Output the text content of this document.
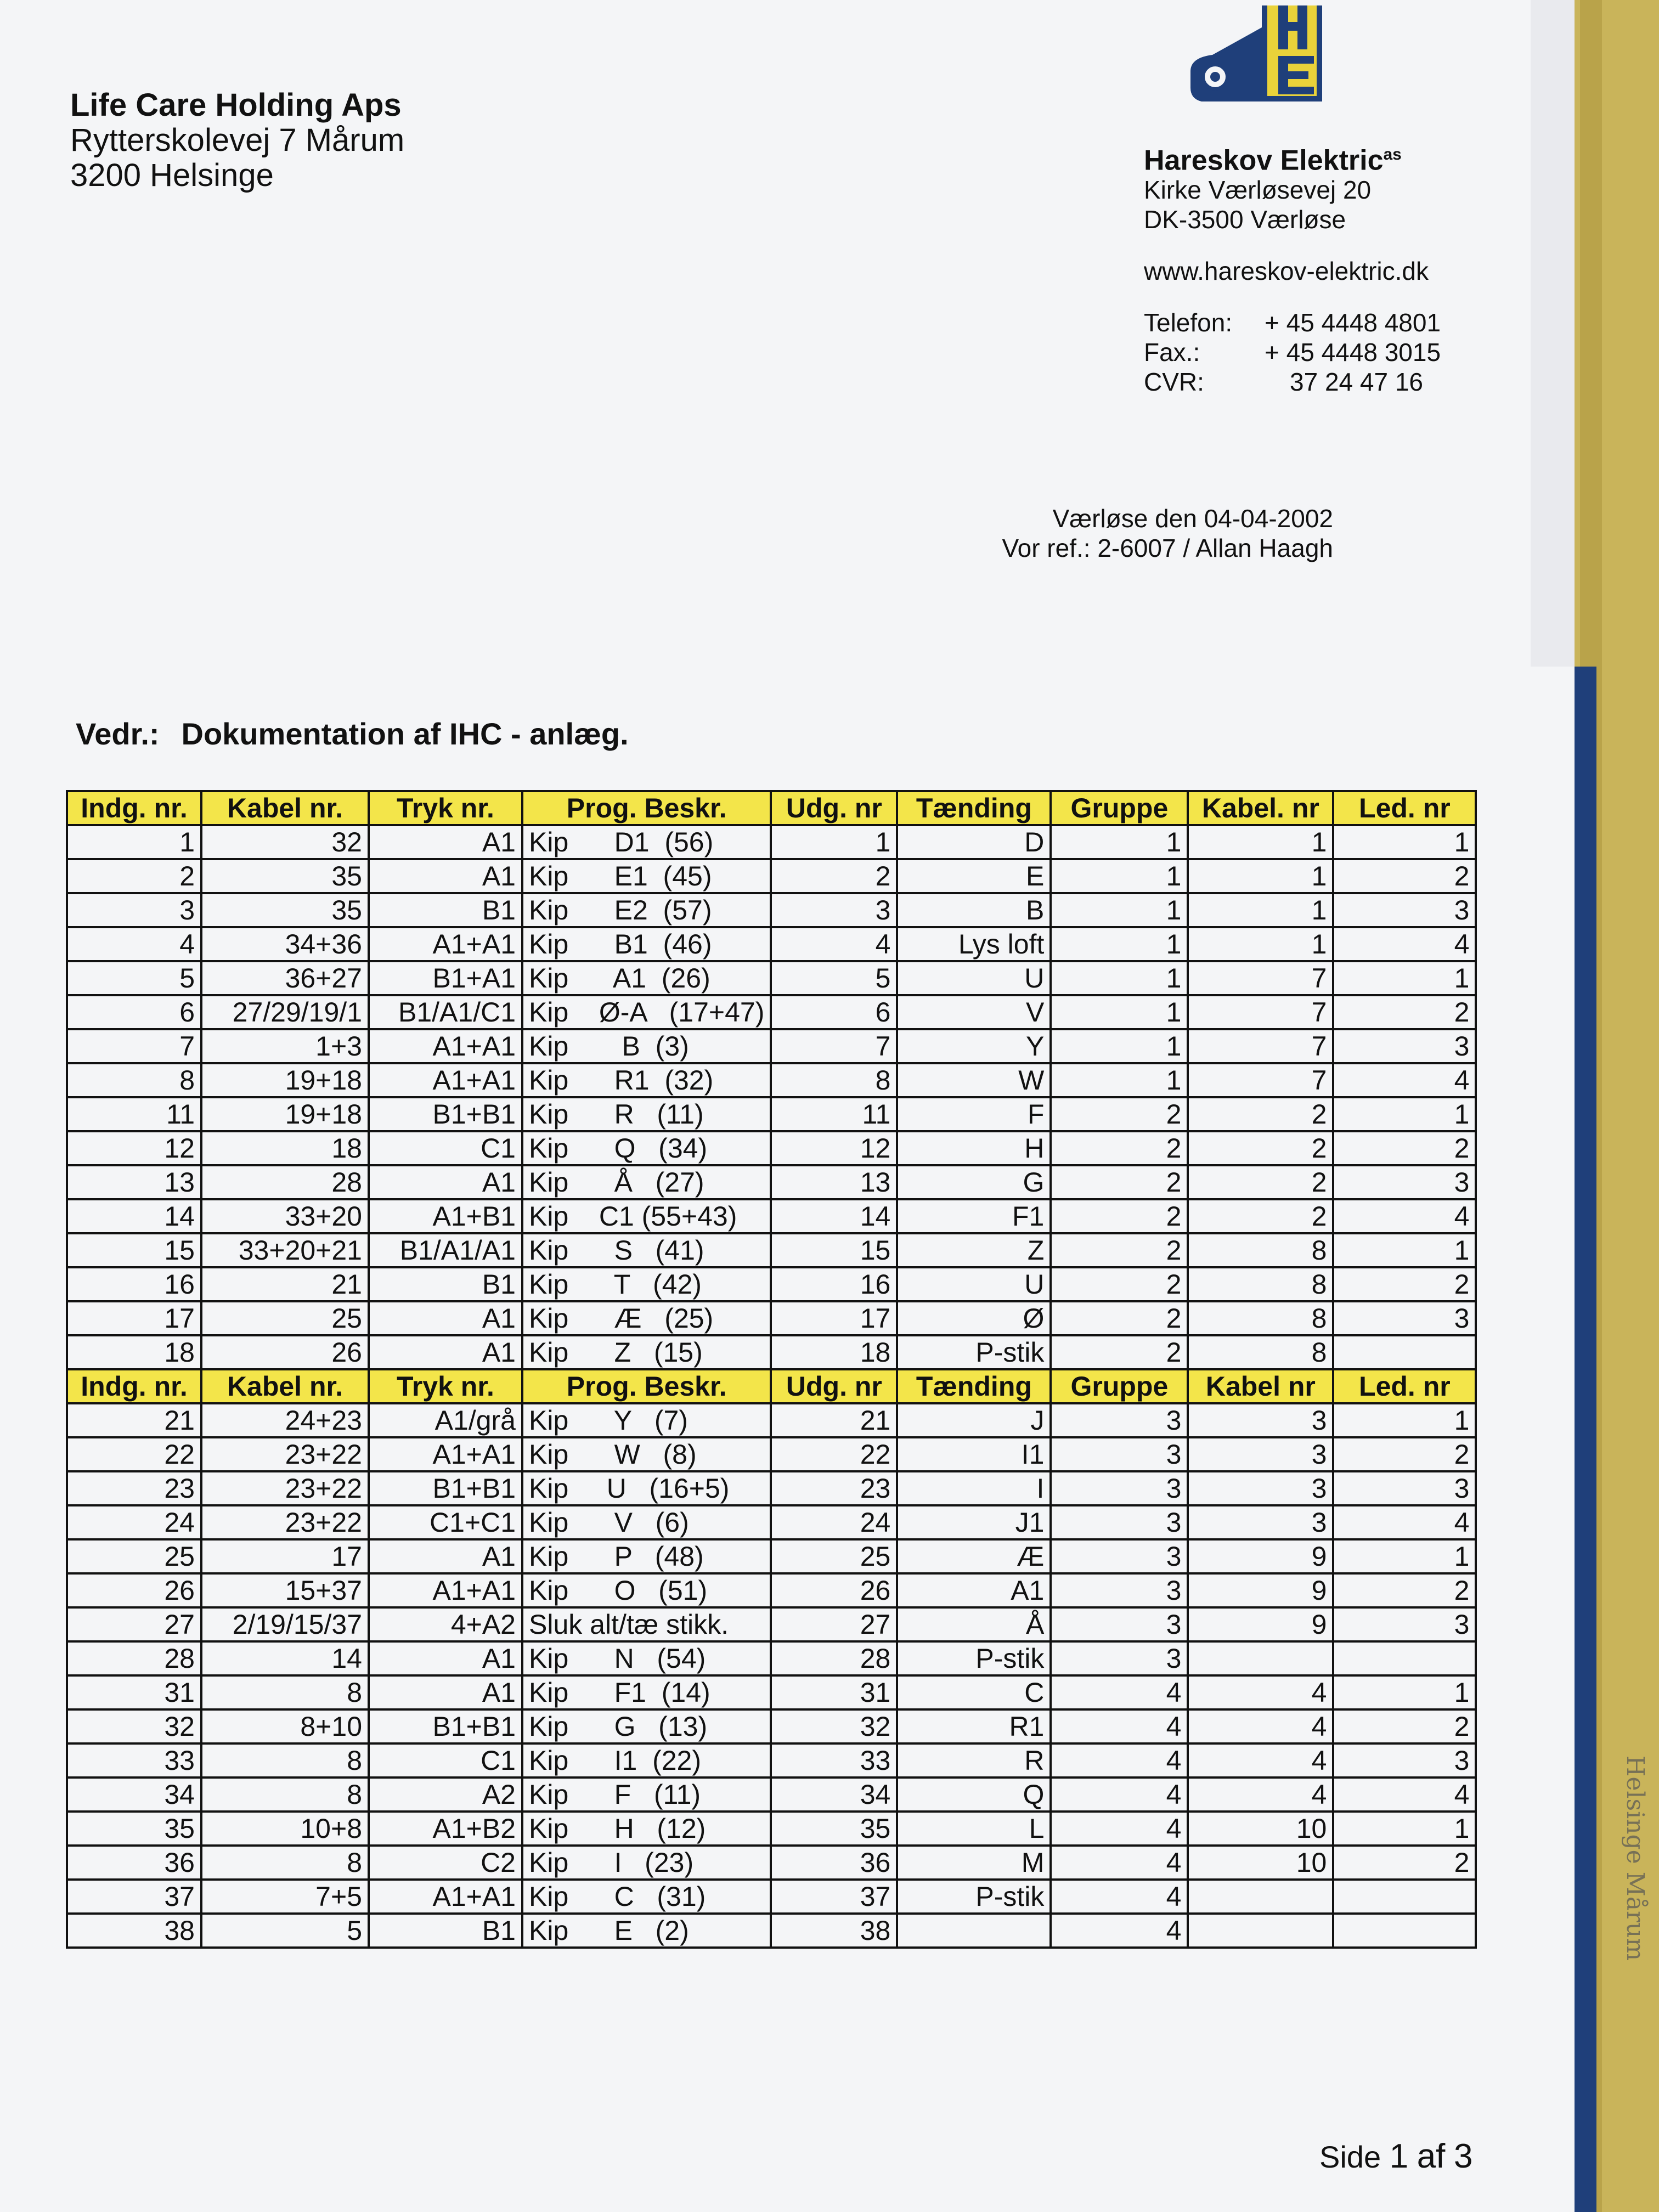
Helsinge Mårum
Life Care Holding Aps
Rytterskolevej 7 Mårum
3200 Helsinge	Hareskov Elektric$^{as}$
Kirke Værløsevej 20
DK-3500 Værløse
www.hareskov-elektric.dk
Telefon:	+ 45 4448 4801
Fax.:	+ 45 4448 3015
CVR:	37 24 47 16
Værløse den 04-04-2002
Vor ref.: 2-6007 / Allan Haagh
Vedr.: Dokumentation af IHC - anlæg.
Indg. nr.	Kabel nr.	Tryk nr.	Prog. Beskr.	Udg. nr	Tænding	Gruppe	Kabel. nr	Led. nr
1	32	A1	Kip      D1  (56)	1	D	1	1	1
2	35	A1	Kip      E1  (45)	2	E	1	1	2
3	35	B1	Kip      E2  (57)	3	B	1	1	3
4	34+36	A1+A1	Kip      B1  (46)	4	Lys loft	1	1	4
5	36+27	B1+A1	Kip      A1  (26)	5	U	1	7	1
6	27/29/19/1	B1/A1/C1	Kip    Ø-A   (17+47)	6	V	1	7	2
7	1+3	A1+A1	Kip       B  (3)	7	Y	1	7	3
8	19+18	A1+A1	Kip      R1  (32)	8	W	1	7	4
11	19+18	B1+B1	Kip      R   (11)	11	F	2	2	1
12	18	C1	Kip      Q   (34)	12	H	2	2	2
13	28	A1	Kip      Å   (27)	13	G	2	2	3
14	33+20	A1+B1	Kip    C1 (55+43)	14	F1	2	2	4
15	33+20+21	B1/A1/A1	Kip      S   (41)	15	Z	2	8	1
16	21	B1	Kip      T   (42)	16	U	2	8	2
17	25	A1	Kip      Æ   (25)	17	Ø	2	8	3
18	26	A1	Kip      Z   (15)	18	P-stik	2	8	
Indg. nr.	Kabel nr.	Tryk nr.	Prog. Beskr.	Udg. nr	Tænding	Gruppe	Kabel nr	Led. nr
21	24+23	A1/grå	Kip      Y   (7)	21	J	3	3	1
22	23+22	A1+A1	Kip      W   (8)	22	I1	3	3	2
23	23+22	B1+B1	Kip     U   (16+5)	23	I	3	3	3
24	23+22	C1+C1	Kip      V   (6)	24	J1	3	3	4
25	17	A1	Kip      P   (48)	25	Æ	3	9	1
26	15+37	A1+A1	Kip      O   (51)	26	A1	3	9	2
27	2/19/15/37	4+A2	Sluk alt/tæ stikk.	27	Å	3	9	3
28	14	A1	Kip      N   (54)	28	P-stik	3		
31	8	A1	Kip      F1  (14)	31	C	4	4	1
32	8+10	B1+B1	Kip      G   (13)	32	R1	4	4	2
33	8	C1	Kip      I1  (22)	33	R	4	4	3
34	8	A2	Kip      F   (11)	34	Q	4	4	4
35	10+8	A1+B2	Kip      H   (12)	35	L	4	10	1
36	8	C2	Kip      I   (23)	36	M	4	10	2
37	7+5	A1+A1	Kip      C   (31)	37	P-stik	4		
38	5	B1	Kip      E   (2)	38		4		
Side 1 af 3
